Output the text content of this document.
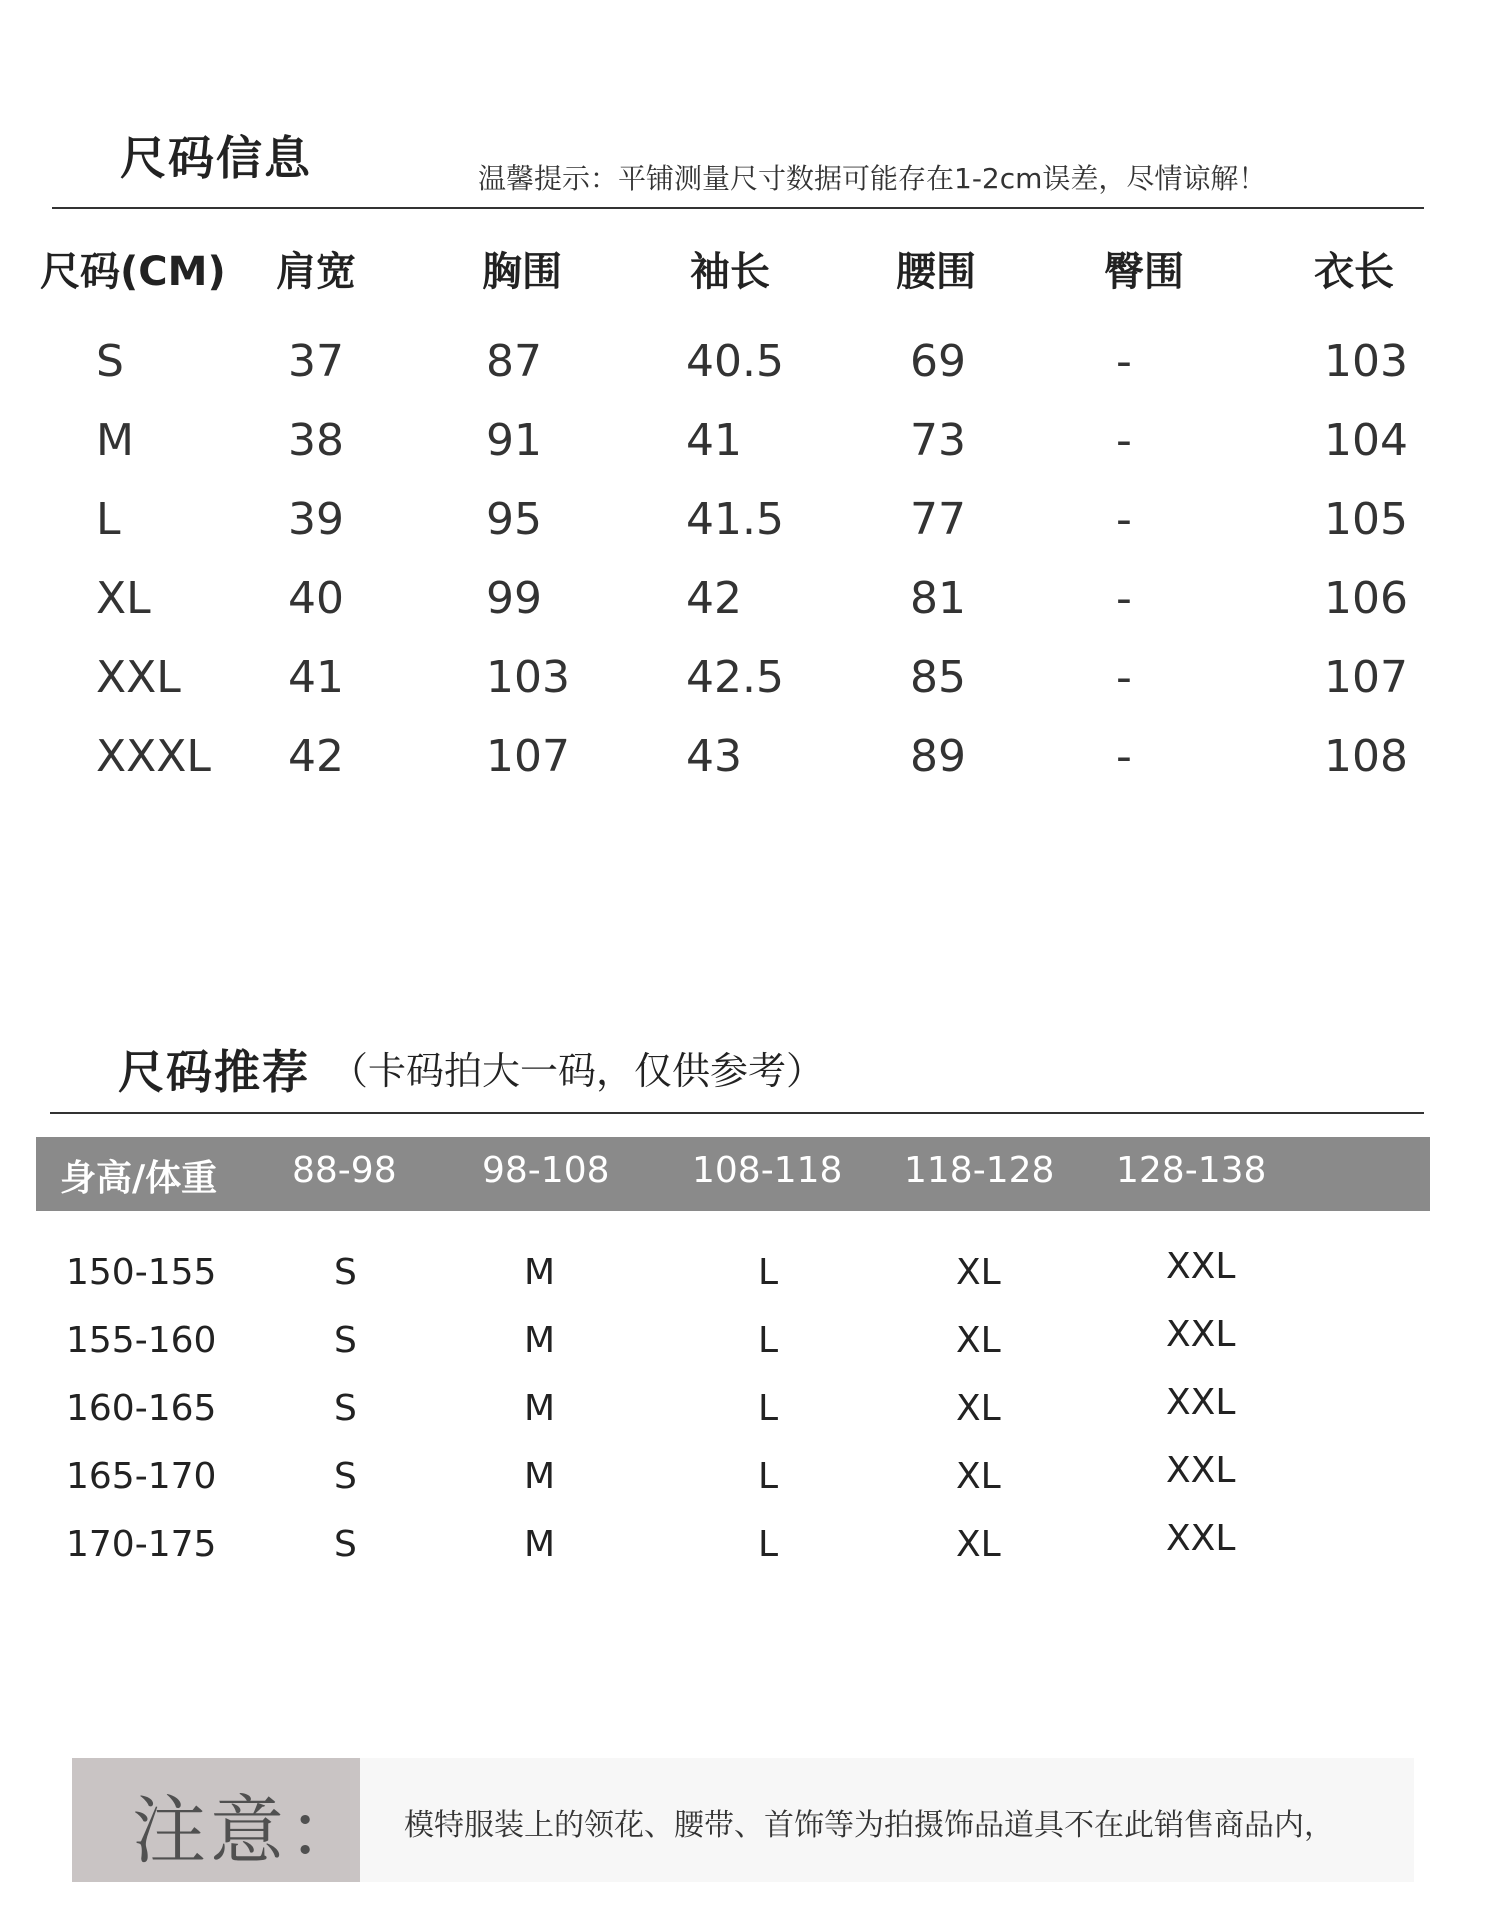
尺码信息	温馨提示：平铺测量尺寸数据可能存在1-2cm误差，尽情谅解！
尺码(CM) 肩宽	胸围	袖长	腰围	臀围	衣长
S	37	87	40.5	69	-	103
M	38	91	41	73	-	104
L	39	95	41.5	77	-	105
XL	40	99	42	81	-	106
XXL 41	103	42.5	85	-	107
XXXL 42	107	43	89	-	108
尺码推荐 （卡码拍大一码，仅供参考）
身高/体重 88-98 98-108 108-118 118-128 128-138
150-155	S	M	L	XL	XXL
155-160	S	M	L	XL	XXL
160-165	S	M	L	XL	XXL
165-170	S	M	L	XL	XXL
170-175	S	M	L	XL	XXL
注意： 模特服装上的领花、腰带、首饰等为拍摄饰品道具不在此销售商品内，
